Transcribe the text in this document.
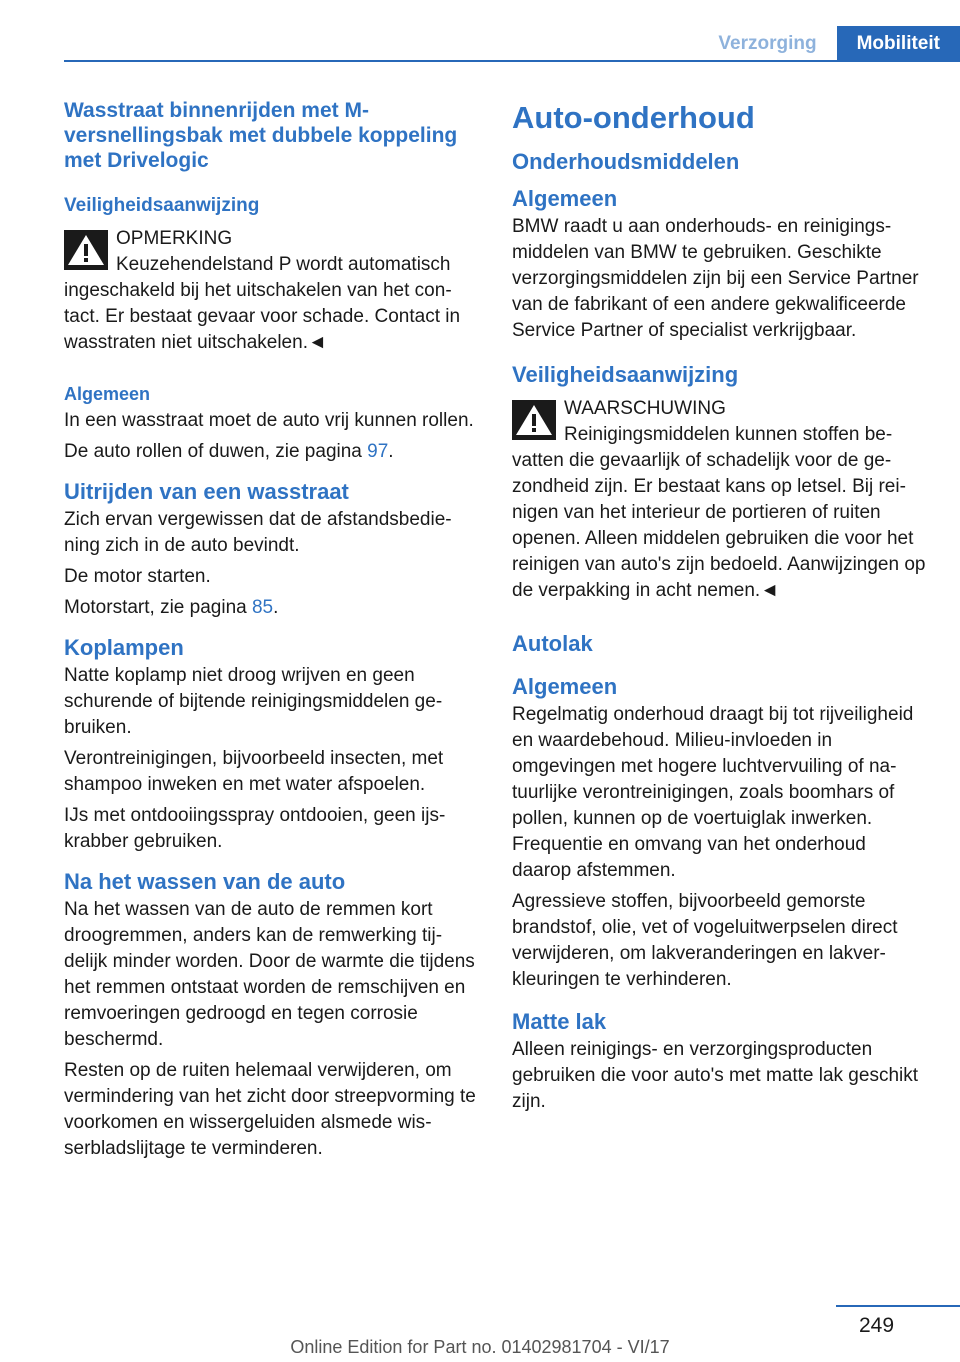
Verzorging	Mobiliteit
Wasstraat binnenrijden met M-versnellingsbak met dubbele koppeling met Drivelogic
Veiligheidsaanwijzing
OPMERKING

Keuzehendelstand P wordt automatisch ingeschakeld bij het uitschakelen van het contact. Er bestaat gevaar voor schade. Contact in wasstraten niet uitschakelen.◄

Algemeen

In een wasstraat moet de auto vrij kunnen rollen.

De auto rollen of duwen, zie pagina 97.

Uitrijden van een wasstraat

Zich ervan vergewissen dat de afstandsbediening zich in de auto bevindt.

De motor starten.

Motorstart, zie pagina 85.

Koplampen

Natte koplamp niet droog wrijven en geen schurende of bijtende reinigingsmiddelen gebruiken.

Verontreinigingen, bijvoorbeeld insecten, met shampoo inweken en met water afspoelen.

IJs met ontdooiingsspray ontdooien, geen ijskrabber gebruiken.

Na het wassen van de auto

Na het wassen van de auto de remmen kort droogremmen, anders kan de remwerking tijdelijk minder worden. Door de warmte die tijdens het remmen ontstaat worden de remschijven en remvoeringen gedroogd en tegen corrosie beschermd.

Resten op de ruiten helemaal verwijderen, om vermindering van het zicht door streepvorming te voorkomen en wissergeluiden alsmede wisserbladslijtage te verminderen.

Auto-onderhoud
Onderhoudsmiddelen
Algemeen

BMW raadt u aan onderhouds- en reinigingsmiddelen van BMW te gebruiken. Geschikte verzorgingsmiddelen zijn bij een Service Partner van de fabrikant of een andere gekwalificeerde Service Partner of specialist verkrijgbaar.

Veiligheidsaanwijzing
WAARSCHUWING

Reinigingsmiddelen kunnen stoffen bevatten die gevaarlijk of schadelijk voor de gezondheid zijn. Er bestaat kans op letsel. Bij reinigen van het interieur de portieren of ruiten openen. Alleen middelen gebruiken die voor het reinigen van auto's zijn bedoeld. Aanwijzingen op de verpakking in acht nemen.◄

Autolak
Algemeen

Regelmatig onderhoud draagt bij tot rijveiligheid en waardebehoud. Milieu-invloeden in omgevingen met hogere luchtvervuiling of natuurlijke verontreinigingen, zoals boomhars of pollen, kunnen op de voertuiglak inwerken. Frequentie en omvang van het onderhoud daarop afstemmen.

Agressieve stoffen, bijvoorbeeld gemorste brandstof, olie, vet of vogeluitwerpselen direct verwijderen, om lakveranderingen en lakverkleuringen te verhinderen.

Matte lak

Alleen reinigings- en verzorgingsproducten gebruiken die voor auto's met matte lak geschikt zijn.

249
Online Edition for Part no. 01402981704 - VI/17
